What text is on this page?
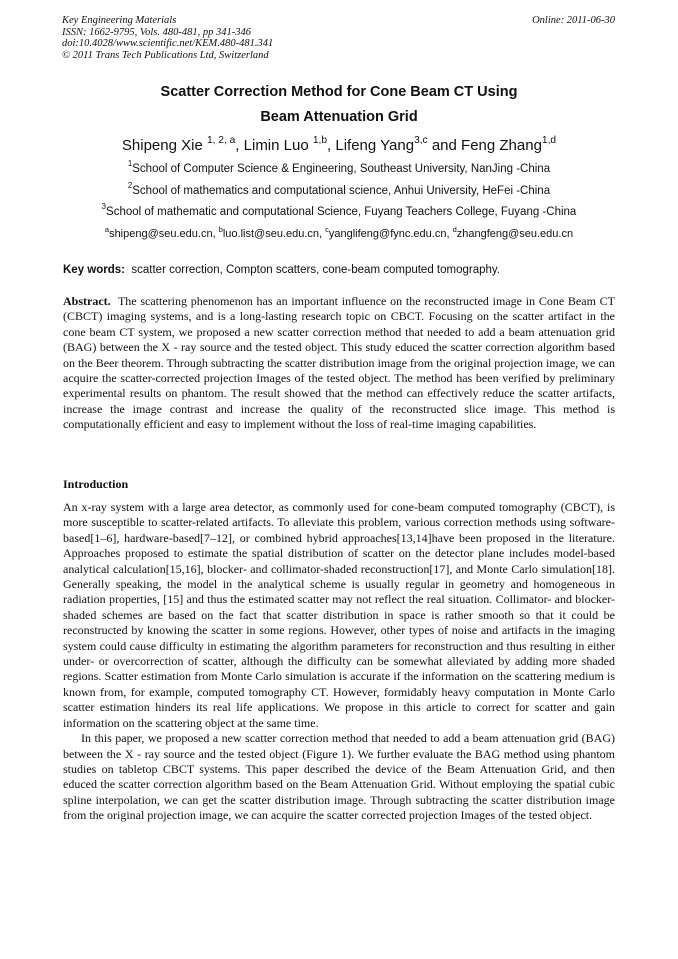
Key Engineering Materials
ISSN: 1662-9795, Vols. 480-481, pp 341-346
doi:10.4028/www.scientific.net/KEM.480-481.341
© 2011 Trans Tech Publications Ltd, Switzerland
Online: 2011-06-30
Scatter Correction Method for Cone Beam CT Using
Beam Attenuation Grid
Shipeng Xie $^{1, 2, a}$, Limin Luo $^{1,b}$, Lifeng Yang$^{3,c}$ and Feng Zhang$^{1,d}$
$^1$School of Computer Science & Engineering, Southeast University, NanJing -China
$^2$School of mathematics and computational science, Anhui University, HeFei -China
$^3$School of mathematic and computational Science, Fuyang Teachers College, Fuyang -China
$^a$shipeng@seu.edu.cn, $^b$luo.list@seu.edu.cn, $^c$yanglifeng@fync.edu.cn, $^d$zhangfeng@seu.edu.cn
Key words: scatter correction, Compton scatters, cone-beam computed tomography.
Abstract. The scattering phenomenon has an important influence on the reconstructed image in Cone Beam CT (CBCT) imaging systems, and is a long-lasting research topic on CBCT. Focusing on the scatter artifact in the cone beam CT system, we proposed a new scatter correction method that needed to add a beam attenuation grid (BAG) between the X - ray source and the tested object. This study educed the scatter correction algorithm based on the Beer theorem. Through subtracting the scatter distribution image from the original projection image, we can acquire the scatter-corrected projection Images of the tested object. The method has been verified by preliminary experimental results on phantom. The result showed that the method can effectively reduce the scatter artifacts, increase the image contrast and increase the quality of the reconstructed slice image. This method is computationally efficient and easy to implement without the loss of real-time imaging capabilities.
Introduction
An x-ray system with a large area detector, as commonly used for cone-beam computed tomography (CBCT), is more susceptible to scatter-related artifacts. To alleviate this problem, various correction methods using software-based[1–6], hardware-based[7–12], or combined hybrid approaches[13,14]have been proposed in the literature. Approaches proposed to estimate the spatial distribution of scatter on the detector plane includes model-based analytical calculation[15,16], blocker- and collimator-shaded reconstruction[17], and Monte Carlo simulation[18]. Generally speaking, the model in the analytical scheme is usually regular in geometry and homogeneous in radiation properties, [15] and thus the estimated scatter may not reflect the real situation. Collimator- and blocker-shaded schemes are based on the fact that scatter distribution in space is rather smooth so that it could be reconstructed by knowing the scatter in some regions. However, other types of noise and artifacts in the imaging system could cause difficulty in estimating the algorithm parameters for reconstruction and thus resulting in either under- or overcorrection of scatter, although the difficulty can be somewhat alleviated by adding more shaded regions. Scatter estimation from Monte Carlo simulation is accurate if the information on the scattering medium is known from, for example, computed tomography CT. However, formidably heavy computation in Monte Carlo scatter estimation hinders its real life applications. We propose in this article to correct for scatter and gain information on the scattering object at the same time.
In this paper, we proposed a new scatter correction method that needed to add a beam attenuation grid (BAG) between the X - ray source and the tested object (Figure 1). We further evaluate the BAG method using phantom studies on tabletop CBCT systems. This paper described the device of the Beam Attenuation Grid, and then educed the scatter correction algorithm based on the Beam Attenuation Grid. Without employing the spatial cubic spline interpolation, we can get the scatter distribution image. Through subtracting the scatter distribution image from the original projection image, we can acquire the scatter corrected projection Images of the tested object.
